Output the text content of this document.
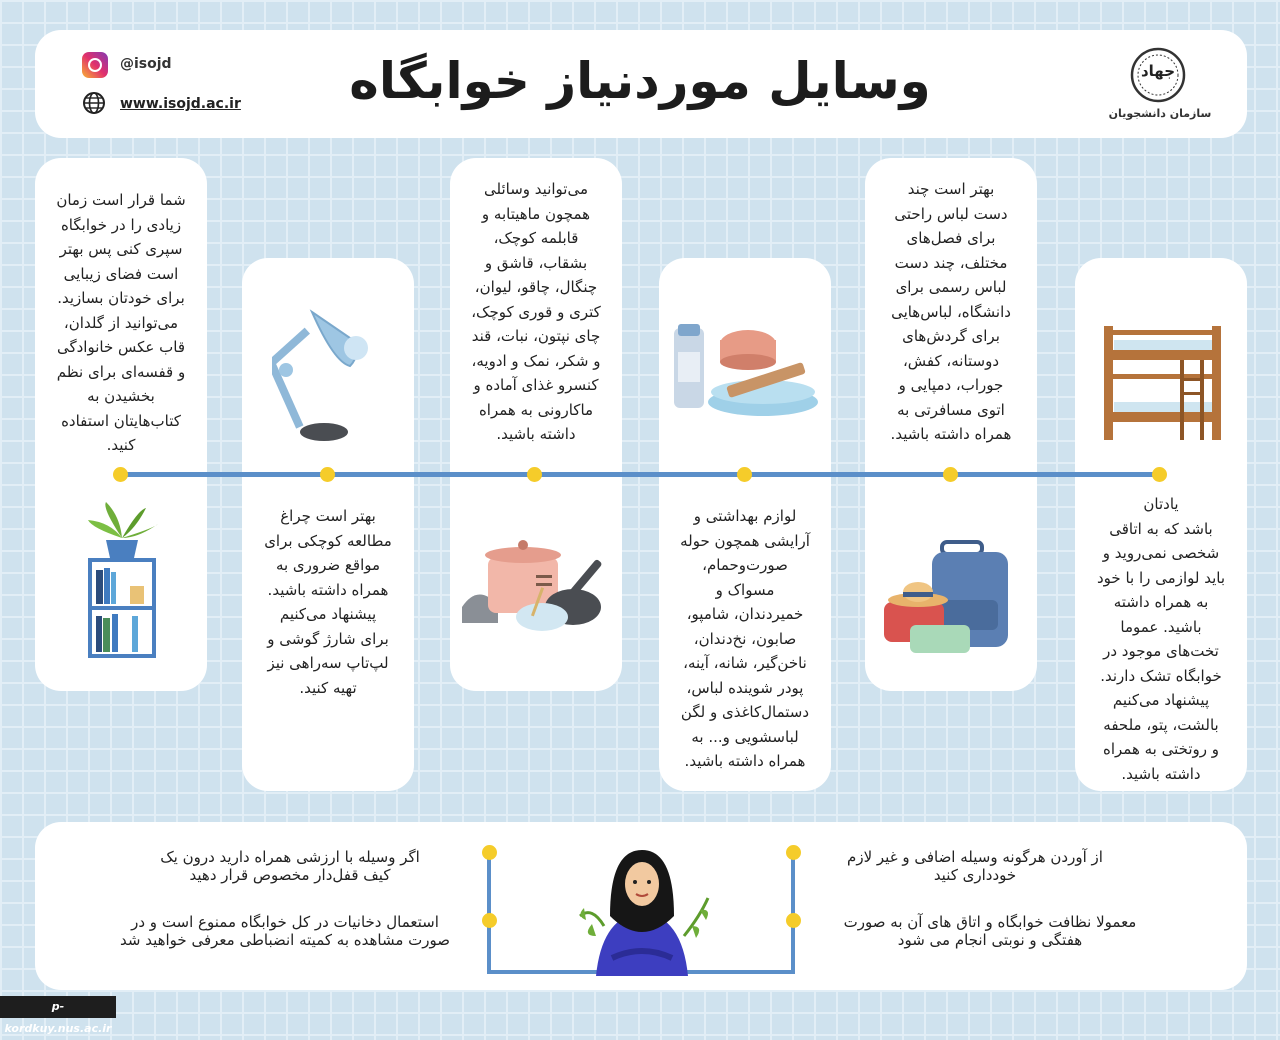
@isojd
www.isojd.ac.ir	وسایل موردنیاز خوابگاه	جهاد
سازمان دانشجویان
یادتان
باشد که به اتاقی
شخصی نمی‌روید و
باید لوازمی را با خود
به همراه داشته
باشید. عموما
تخت‌های موجود در
خوابگاه تشک دارند.
پیشنهاد می‌کنیم
بالشت، پتو، ملحفه
و روتختی به همراه
داشته باشید.
بهتر است چند
دست لباس راحتی
برای فصل‌های
مختلف، چند دست
لباس رسمی برای
دانشگاه، لباس‌هایی
برای گردش‌های
دوستانه، کفش،
جوراب، دمپایی و
اتوی مسافرتی به
همراه داشته باشید.
لوازم بهداشتی و
آرایشی همچون حوله
صورت‌وحمام،
مسواک و
خمیردندان، شامپو،
صابون، نخ‌دندان،
ناخن‌گیر، شانه، آینه،
پودر شوینده لباس،
دستمال‌کاغذی و لگن
لباسشویی و... به
همراه داشته باشید.
می‌توانید وسائلی
همچون ماهیتابه و
قابلمه کوچک،
بشقاب، قاشق و
چنگال، چاقو، لیوان،
کتری و قوری کوچک،
چای نپتون، نبات، قند
و شکر، نمک و ادویه،
کنسرو غذای آماده و
ماکارونی به همراه
داشته باشید.
بهتر است چراغ
مطالعه کوچکی برای
مواقع ضروری به
همراه داشته باشید.
پیشنهاد می‌کنیم
برای شارژ گوشی و
لپ‌تاپ سه‌راهی نیز
تهیه کنید.
شما قرار است زمان
زیادی را در خوابگاه
سپری کنی پس بهتر
است فضای زیبایی
برای خودتان بسازید.
می‌توانید از گلدان،
قاب عکس خانوادگی
و قفسه‌ای برای نظم
بخشیدن به
کتاب‌هایتان استفاده
کنید.
از آوردن هرگونه وسیله اضافی و غیر لازم
خودداری کنید
معمولا نظافت خوابگاه و اتاق های آن به صورت
هفتگی و نوبتی انجام می شود
اگر وسیله با ارزشی همراه دارید درون یک
کیف قفل‌دار مخصوص قرار دهید
استعمال دخانیات در کل خوابگاه ممنوع است و در
صورت مشاهده به کمیته انضباطی معرفی خواهید شد
p-kordkuy.nus.ac.ir
